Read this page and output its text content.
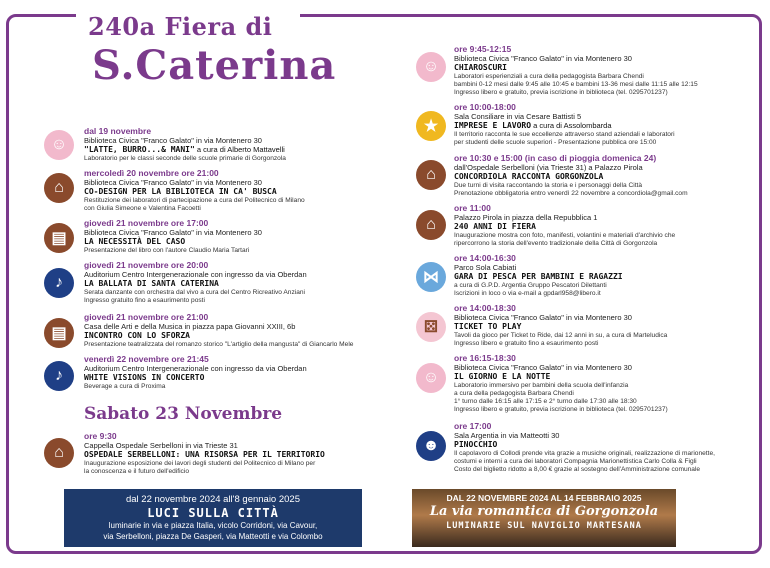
240a Fiera di
S.Caterina
☺
dal 19 novembre
Biblioteca Civica "Franco Galato" in via Montenero 30
"LATTE, BURRO...& MANI" a cura di Alberto Mattavelli
Laboratorio per le classi seconde delle scuole primarie di Gorgonzola
⌂
mercoledì 20 novembre ore 21:00
Biblioteca Civica "Franco Galato" in via Montenero 30
CO-DESIGN PER LA BIBLIOTECA IN CA' BUSCA
Restituzione dei laboratori di partecipazione a cura del Politecnico di Milano
con Giulia Simeone e Valentina Facoetti
▤
giovedì 21 novembre ore 17:00
Biblioteca Civica "Franco Galato" in via Montenero 30
LA NECESSITÀ DEL CASO
Presentazione del libro con l'autore Claudio Maria Tartari
♪
giovedì 21 novembre ore 20:00
Auditorium Centro Intergenerazionale con ingresso da via Oberdan
LA BALLATA DI SANTA CATERINA
Serata danzante con orchestra dal vivo a cura del Centro Ricreativo Anziani
Ingresso gratuito fino a esaurimento posti
▤
giovedì 21 novembre ore 21:00
Casa delle Arti e della Musica in piazza papa Giovanni XXIII, 6b
INCONTRO CON LO SFORZA
Presentazione teatralizzata del romanzo storico "L'artiglio della mangusta" di Giancarlo Mele
♪
venerdì 22 novembre ore 21:45
Auditorium Centro Intergenerazionale con ingresso da via Oberdan
WHITE VISIONS IN CONCERTO
Beverage a cura di Proxima
Sabato 23 Novembre
⌂
ore 9:30
Cappella Ospedale Serbelloni in via Trieste 31
OSPEDALE SERBELLONI: UNA RISORSA PER IL TERRITORIO
Inaugurazione esposizione dei lavori degli studenti del Politecnico di Milano per
la conoscenza e il futuro dell'edificio
☺
ore 9:45-12:15
Biblioteca Civica "Franco Galato" in via Montenero 30
CHIAROSCURI
Laboratori esperienziali a cura della pedagogista Barbara Chendi
bambini 0-12 mesi dalle 9:45 alle 10:45 e bambini 13-36 mesi dalle 11:15 alle 12:15
Ingresso libero e gratuito, previa iscrizione in biblioteca (tel. 0295701237)
★
ore 10:00-18:00
Sala Consiliare in via Cesare Battisti 5
IMPRESE E LAVORO a cura di Assolombarda
Il territorio racconta le sue eccellenze attraverso stand aziendali e laboratori
per studenti delle scuole superiori - Presentazione pubblica ore 15:00
⌂
ore 10:30 e 15:00 (in caso di pioggia domenica 24)
dall'Ospedale Serbelloni (via Trieste 31) a Palazzo Pirola
CONCORDIOLA RACCONTA GORGONZOLA
Due turni di visita raccontando la storia e i personaggi della Città
Prenotazione obbligatoria entro venerdì 22 novembre a concordiola@gmail.com
⌂
ore 11:00
Palazzo Pirola in piazza della Repubblica 1
240 ANNI DI FIERA
Inaugurazione mostra con foto, manifesti, volantini e materiali d'archivio che
ripercorrono la storia dell'evento tradizionale della Città di Gorgonzola
⋈
ore 14:00-16:30
Parco Sola Cabiati
GARA DI PESCA PER BAMBINI E RAGAZZI
a cura di G.P.D. Argentia Gruppo Pescatori Dilettanti
Iscrizioni in loco o via e-mail a gpdarl958@libero.it
⚄
ore 14:00-18:30
Biblioteca Civica "Franco Galato" in via Montenero 30
TICKET TO PLAY
Tavoli da gioco per Ticket to Ride, dai 12 anni in su, a cura di Marteludica
Ingresso libero e gratuito fino a esaurimento posti
☺
ore 16:15-18:30
Biblioteca Civica "Franco Galato" in via Montenero 30
IL GIORNO E LA NOTTE
Laboratorio immersivo per bambini della scuola dell'infanzia
a cura della pedagogista Barbara Chendi
1° turno dalle 16:15 alle 17:15 e 2° turno dalle 17:30 alle 18:30
Ingresso libero e gratuito, previa iscrizione in biblioteca (tel. 0295701237)
☻
ore 17:00
Sala Argentia in via Matteotti 30
PINOCCHIO
Il capolavoro di Collodi prende vita grazie a musiche originali, realizzazione di marionette,
costumi e interni a cura dei laboratori Compagnia Marionettistica Carlo Colla & Figli
Costo del biglietto ridotto a 8,00 € grazie al sostegno dell'Amministrazione comunale
dal 22 novembre 2024 all'8 gennaio 2025
LUCI SULLA CITTÀ
luminarie in via e piazza Italia, vicolo Corridoni, via Cavour,
via Serbelloni, piazza De Gasperi, via Matteotti e via Colombo
DAL 22 NOVEMBRE 2024 AL 14 FEBBRAIO 2025
La via romantica di Gorgonzola
LUMINARIE SUL NAVIGLIO MARTESANA
